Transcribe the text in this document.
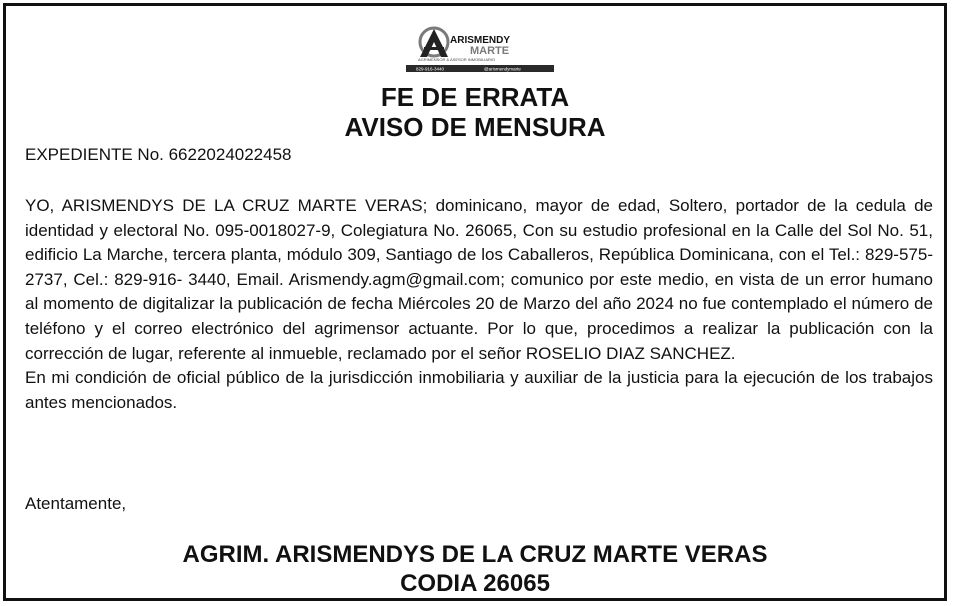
ARISMENDY
MARTE
AGRIMENSOR & ASESOR INMOBILIARIO
829-916-3440	@arismendymarte
FE DE ERRATA
AVISO DE MENSURA
EXPEDIENTE No. 6622024022458
YO, ARISMENDYS DE LA CRUZ MARTE VERAS; dominicano, mayor de edad, Soltero, portador de la cedula de identidad y electoral No. 095-0018027-9, Colegiatura No. 26065, Con su estudio profesional en la Calle del Sol No. 51, edificio La Marche, tercera planta, módulo 309, Santiago de los Caballeros, República Dominicana, con el Tel.: 829-575-2737, Cel.: 829-916- 3440, Email. Arismendy.agm@gmail.com; comunico por este medio, en vista de un error humano al momento de digitalizar la publicación de fecha Miércoles 20 de Marzo del año 2024 no fue contemplado el número de teléfono y el correo electrónico del agrimensor actuante. Por lo que, procedimos a realizar la publicación con la corrección de lugar, referente al inmueble, reclamado por el señor ROSELIO DIAZ SANCHEZ.
En mi condición de oficial público de la jurisdicción inmobiliaria y auxiliar de la justicia para la ejecución de los trabajos antes mencionados.
Atentamente,
AGRIM. ARISMENDYS DE LA CRUZ MARTE VERAS
CODIA 26065
